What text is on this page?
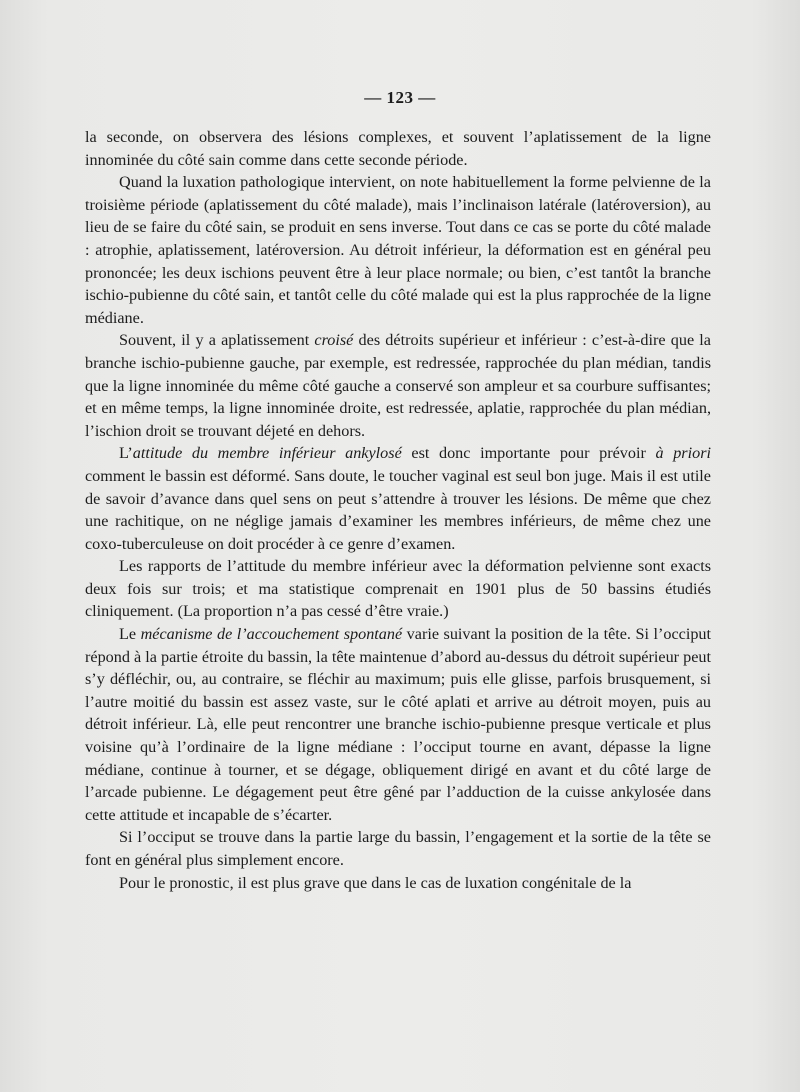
— 123 —

la seconde, on observera des lésions complexes, et souvent l’aplatissement de la ligne innominée du côté sain comme dans cette seconde période.

Quand la luxation pathologique intervient, on note habituellement la forme pelvienne de la troisième période (aplatissement du côté malade), mais l’inclinaison latérale (latéroversion), au lieu de se faire du côté sain, se produit en sens inverse. Tout dans ce cas se porte du côté malade : atrophie, aplatissement, latéroversion. Au détroit inférieur, la déformation est en général peu prononcée; les deux ischions peuvent être à leur place normale; ou bien, c’est tantôt la branche ischio-pubienne du côté sain, et tantôt celle du côté malade qui est la plus rapprochée de la ligne médiane.

Souvent, il y a aplatissement croisé des détroits supérieur et inférieur : c’est-à-dire que la branche ischio-pubienne gauche, par exemple, est redressée, rapprochée du plan médian, tandis que la ligne innominée du même côté gauche a conservé son ampleur et sa courbure suffisantes; et en même temps, la ligne innominée droite, est redressée, aplatie, rapprochée du plan médian, l’ischion droit se trouvant déjeté en dehors.

L’attitude du membre inférieur ankylosé est donc importante pour prévoir à priori comment le bassin est déformé. Sans doute, le toucher vaginal est seul bon juge. Mais il est utile de savoir d’avance dans quel sens on peut s’attendre à trouver les lésions. De même que chez une rachitique, on ne néglige jamais d’examiner les membres inférieurs, de même chez une coxo-tuberculeuse on doit procéder à ce genre d’examen.

Les rapports de l’attitude du membre inférieur avec la déformation pelvienne sont exacts deux fois sur trois; et ma statistique comprenait en 1901 plus de 50 bassins étudiés cliniquement. (La proportion n’a pas cessé d’être vraie.)

Le mécanisme de l’accouchement spontané varie suivant la position de la tête. Si l’occiput répond à la partie étroite du bassin, la tête maintenue d’abord au-dessus du détroit supérieur peut s’y défléchir, ou, au contraire, se fléchir au maximum; puis elle glisse, parfois brusquement, si l’autre moitié du bassin est assez vaste, sur le côté aplati et arrive au détroit moyen, puis au détroit inférieur. Là, elle peut rencontrer une branche ischio-pubienne presque verticale et plus voisine qu’à l’ordinaire de la ligne médiane : l’occiput tourne en avant, dépasse la ligne médiane, continue à tourner, et se dégage, obliquement dirigé en avant et du côté large de l’arcade pubienne. Le dégagement peut être gêné par l’adduction de la cuisse ankylosée dans cette attitude et incapable de s’écarter.

Si l’occiput se trouve dans la partie large du bassin, l’engagement et la sortie de la tête se font en général plus simplement encore.

Pour le pronostic, il est plus grave que dans le cas de luxation congénitale de la
